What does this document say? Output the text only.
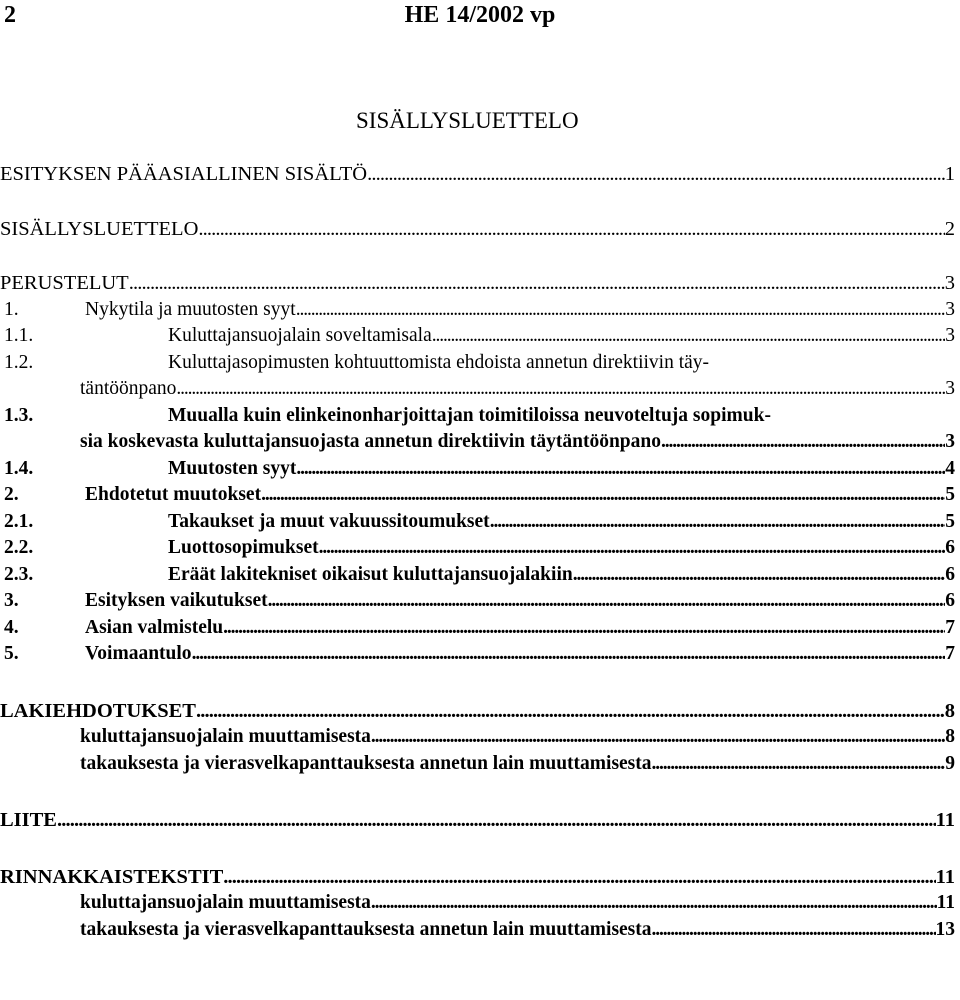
2	HE 14/2002 vp
SISÄLLYSLUETTELO
ESITYKSEN PÄÄASIALLINEN SISÄLTÖ . . .	1
SISÄLLYSLUETTELO . . .	2
PERUSTELUT . . .	3
1.	Nykytila ja muutosten syyt . . .	3
1.1.	Kuluttajansuojalain soveltamisala . . .	3
1.2.	Kuluttajasopimusten kohtuuttomista ehdoista annetun direktiivin täy-
täntöönpano . . .	3
1.3.	Muualla kuin elinkeinonharjoittajan toimitiloissa neuvoteltuja sopimuk-
sia koskevasta kuluttajansuojasta annetun direktiivin täytäntöönpano . . .	3
1.4.	Muutosten syyt . . .	4
2.	Ehdotetut muutokset . . .	5
2.1.	Takaukset ja muut vakuussitoumukset . . .	5
2.2.	Luottosopimukset . . .	6
2.3.	Eräät lakitekniset oikaisut kuluttajansuojalakiin . . .	6
3.	Esityksen vaikutukset . . .	6
4.	Asian valmistelu . . .	7
5.	Voimaantulo . . .	7
LAKIEHDOTUKSET . . .	8
kuluttajansuojalain muuttamisesta . . .	8
takauksesta ja vierasvelkapanttauksesta annetun lain muuttamisesta . . .	9
LIITE . . .	11
RINNAKKAISTEKSTIT . . .	11
kuluttajansuojalain muuttamisesta . . .	11
takauksesta ja vierasvelkapanttauksesta annetun lain muuttamisesta . . .	13
